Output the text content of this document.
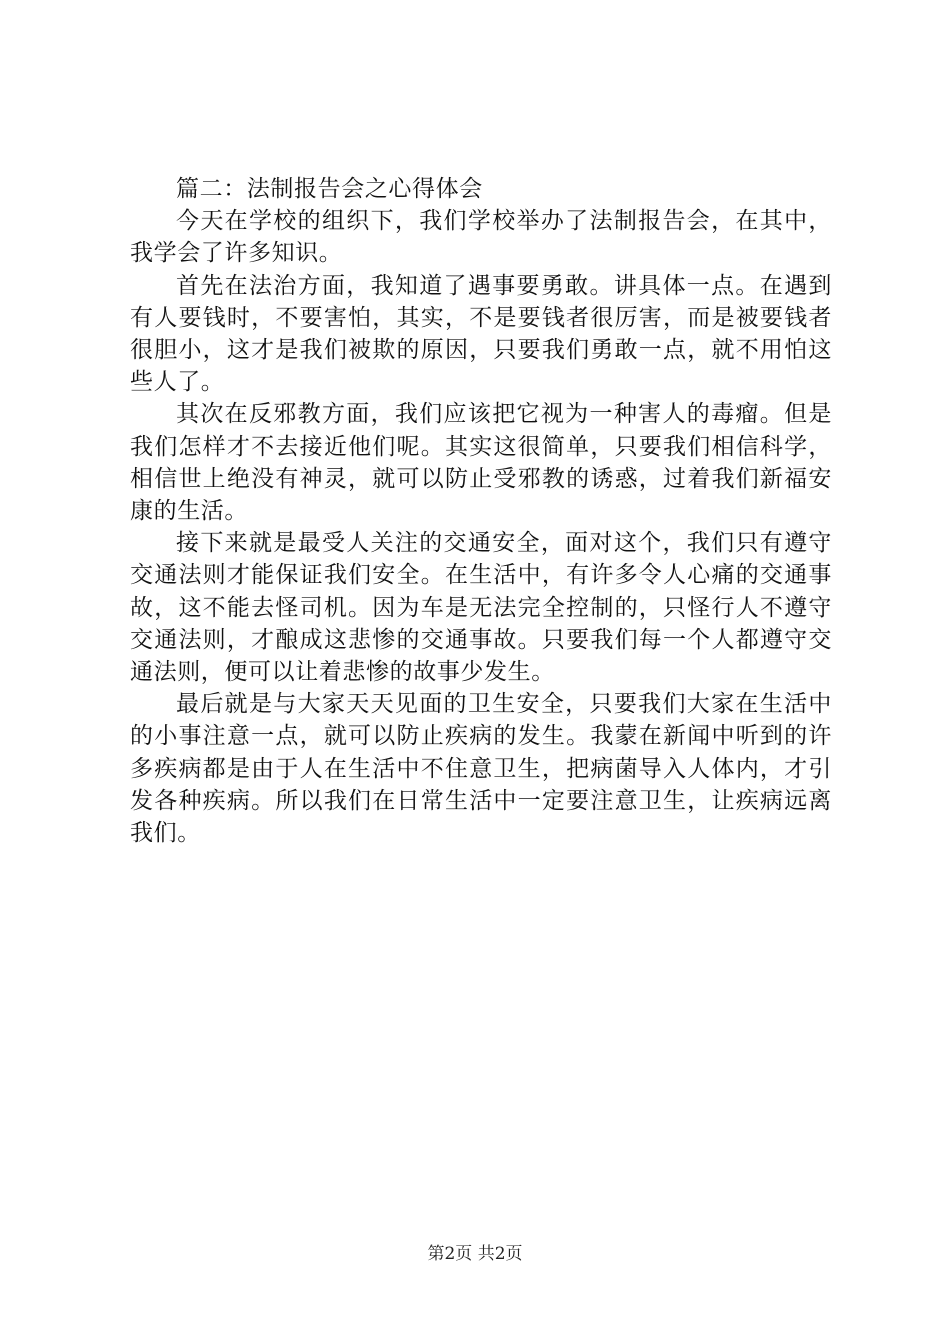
篇二：法制报告会之心得体会

今天在学校的组织下，我们学校举办了法制报告会，在其中，我学会了许多知识。

首先在法治方面，我知道了遇事要勇敢。讲具体一点。在遇到有人要钱时，不要害怕，其实，不是要钱者很厉害，而是被要钱者很胆小，这才是我们被欺的原因，只要我们勇敢一点，就不用怕这些人了。

其次在反邪教方面，我们应该把它视为一种害人的毒瘤。但是我们怎样才不去接近他们呢。其实这很简单，只要我们相信科学，相信世上绝没有神灵，就可以防止受邪教的诱惑，过着我们新福安康的生活。

接下来就是最受人关注的交通安全，面对这个，我们只有遵守交通法则才能保证我们安全。在生活中，有许多令人心痛的交通事故，这不能去怪司机。因为车是无法完全控制的，只怪行人不遵守交通法则，才酿成这悲惨的交通事故。只要我们每一个人都遵守交通法则，便可以让着悲惨的故事少发生。

最后就是与大家天天见面的卫生安全，只要我们大家在生活中的小事注意一点，就可以防止疾病的发生。我蒙在新闻中听到的许多疾病都是由于人在生活中不住意卫生，把病菌导入人体内，才引发各种疾病。所以我们在日常生活中一定要注意卫生，让疾病远离我们。

第2页 共2页
